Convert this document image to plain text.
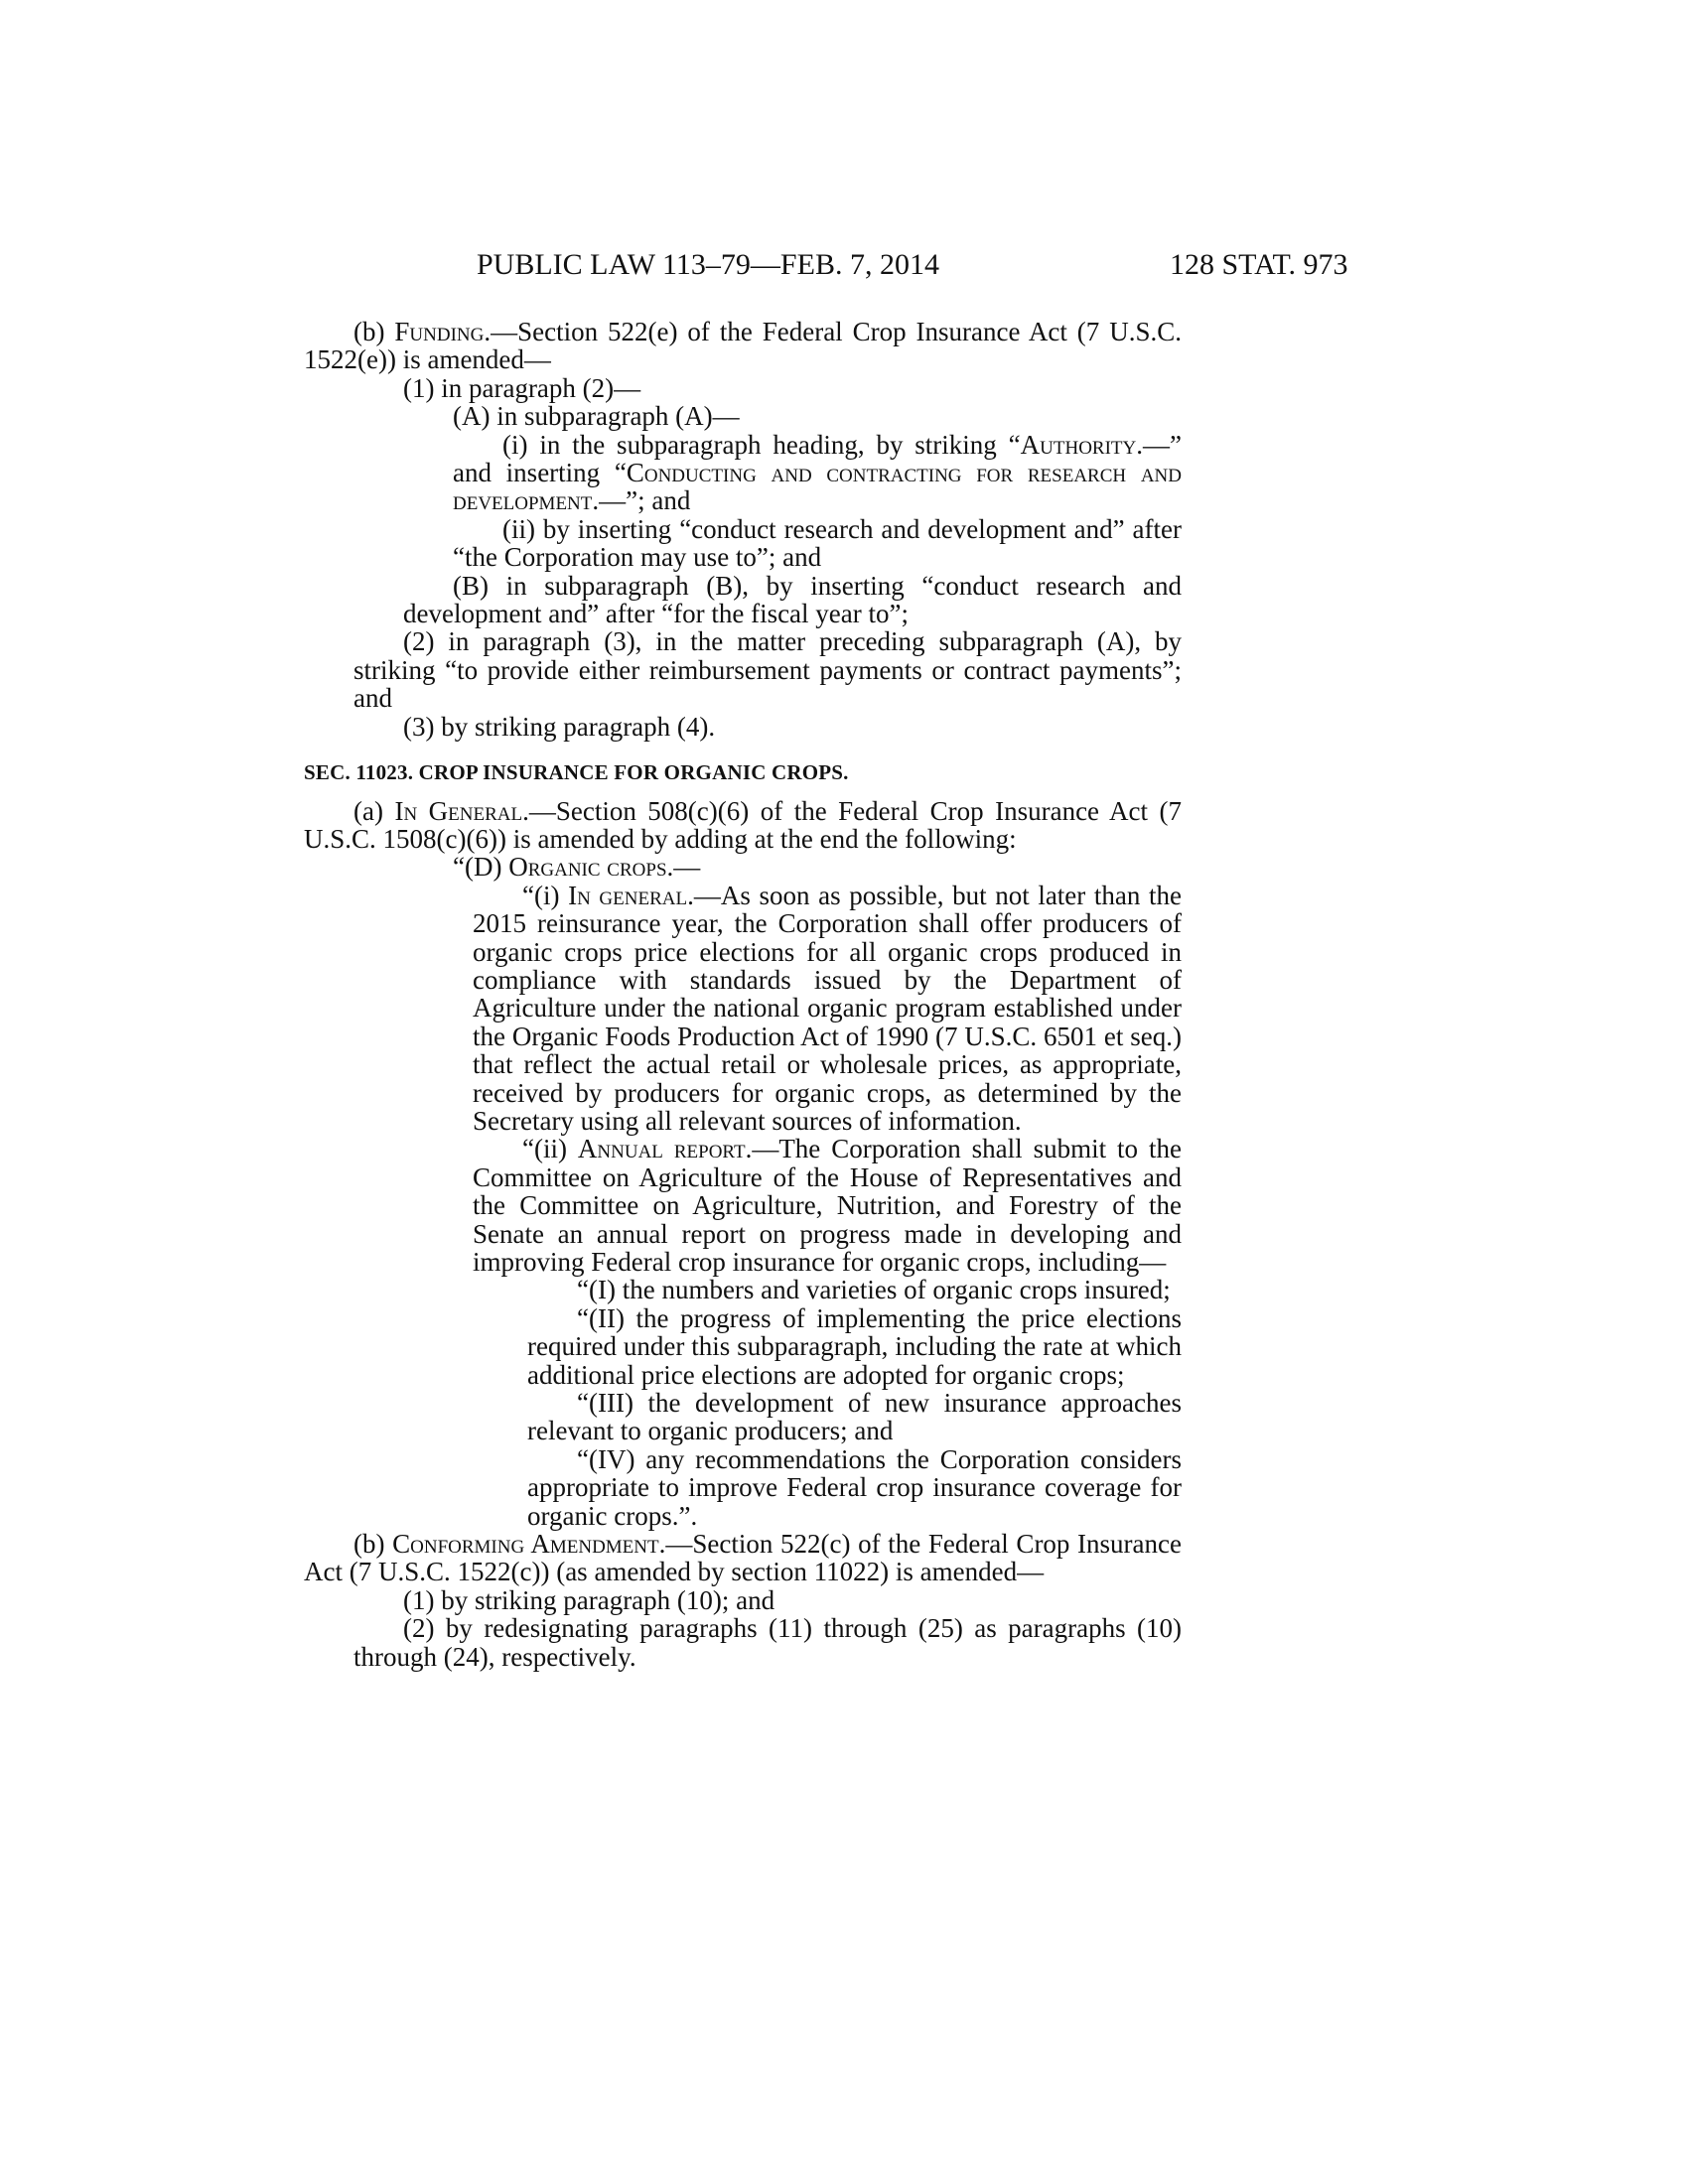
PUBLIC LAW 113–79—FEB. 7, 2014	128 STAT. 973

(b) Funding.—Section 522(e) of the Federal Crop Insurance Act (7 U.S.C. 1522(e)) is amended—

(1) in paragraph (2)—

(A) in subparagraph (A)—

(i) in the subparagraph heading, by striking “Authority.—” and inserting “Conducting and contracting for research and development.—”; and

(ii) by inserting “conduct research and development and” after “the Corporation may use to”; and

(B) in subparagraph (B), by inserting “conduct research and development and” after “for the fiscal year to”;

(2) in paragraph (3), in the matter preceding subparagraph (A), by striking “to provide either reimbursement payments or contract payments”; and

(3) by striking paragraph (4).

SEC. 11023. CROP INSURANCE FOR ORGANIC CROPS.

(a) In General.—Section 508(c)(6) of the Federal Crop Insurance Act (7 U.S.C. 1508(c)(6)) is amended by adding at the end the following:

“(D) Organic crops.—

“(i) In general.—As soon as possible, but not later than the 2015 reinsurance year, the Corporation shall offer producers of organic crops price elections for all organic crops produced in compliance with standards issued by the Department of Agriculture under the national organic program established under the Organic Foods Production Act of 1990 (7 U.S.C. 6501 et seq.) that reflect the actual retail or wholesale prices, as appropriate, received by producers for organic crops, as determined by the Secretary using all relevant sources of information.

“(ii) Annual report.—The Corporation shall submit to the Committee on Agriculture of the House of Representatives and the Committee on Agriculture, Nutrition, and Forestry of the Senate an annual report on progress made in developing and improving Federal crop insurance for organic crops, including—

“(I) the numbers and varieties of organic crops insured;

“(II) the progress of implementing the price elections required under this subparagraph, including the rate at which additional price elections are adopted for organic crops;

“(III) the development of new insurance approaches relevant to organic producers; and

“(IV) any recommendations the Corporation considers appropriate to improve Federal crop insurance coverage for organic crops.”.

(b) Conforming Amendment.—Section 522(c) of the Federal Crop Insurance Act (7 U.S.C. 1522(c)) (as amended by section 11022) is amended—

(1) by striking paragraph (10); and

(2) by redesignating paragraphs (11) through (25) as paragraphs (10) through (24), respectively.
